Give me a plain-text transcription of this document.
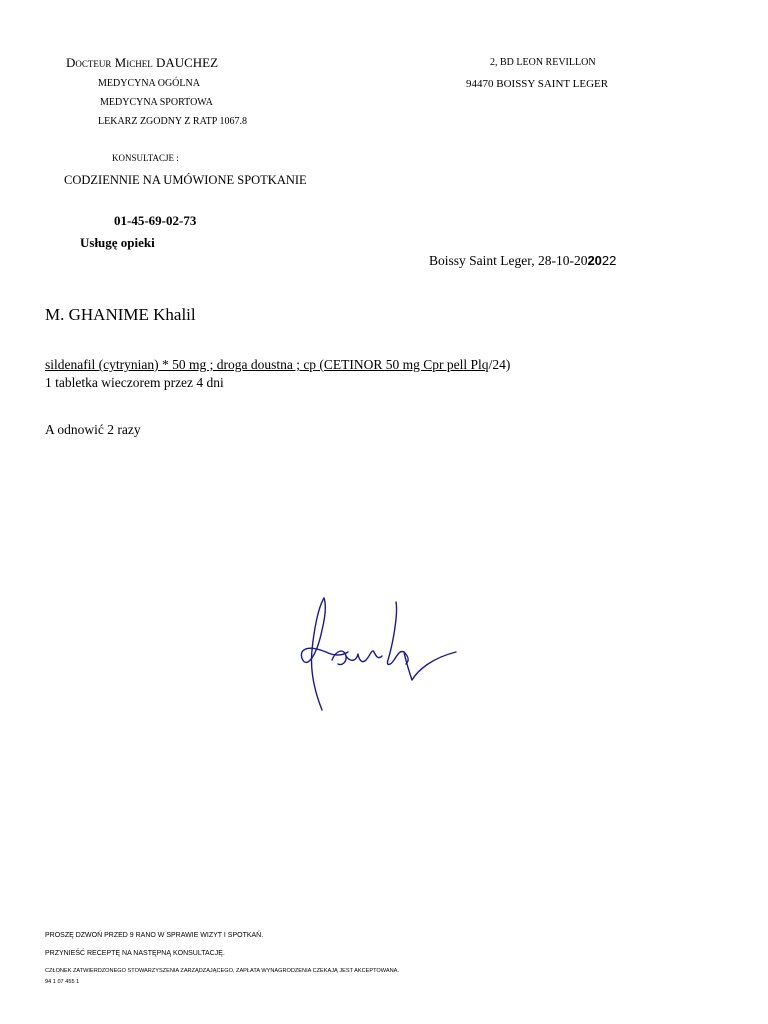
Docteur Michel DAUCHEZ
MEDYCYNA OGÓLNA
MEDYCYNA SPORTOWA
LEKARZ ZGODNY Z RATP 1067.8
2, BD LEON REVILLON
94470 BOISSY SAINT LEGER
KONSULTACJE :
CODZIENNIE NA UMÓWIONE SPOTKANIE
01-45-69-02-73
Usługę opieki
Boissy Saint Leger, 28-10-202022
M. GHANIME Khalil
sildenafil (cytrynian) * 50 mg ; droga doustna ; cp (CETINOR 50 mg Cpr pell Plq/24)
1 tabletka wieczorem przez 4 dni
A odnowić 2 razy
PROSZĘ DZWOŃ PRZED 9 RANO W SPRAWIE WIZYT I SPOTKAŃ.
PRZYNIEŚĆ RECEPTĘ NA NASTĘPNĄ KONSULTACJĘ.
CZŁONEK ZATWIERDZONEGO STOWARZYSZENIA ZARZĄDZAJĄCEGO, ZAPŁATA WYNAGRODZENIA CZEKAJĄ JEST AKCEPTOWANA.
94 1 07 455 1
